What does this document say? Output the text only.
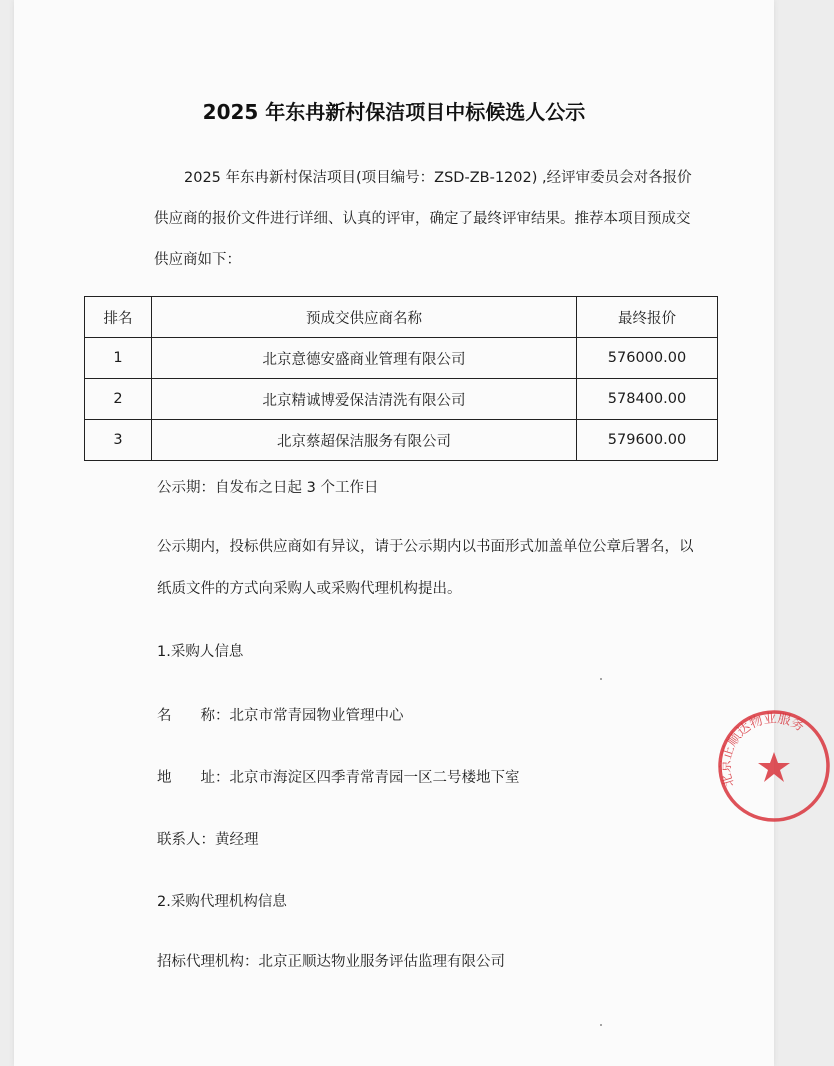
2025 年东冉新村保洁项目中标候选人公示

2025 年东冉新村保洁项目(项目编号：ZSD-ZB-1202) ,经评审委员会对各报价供应商的报价文件进行详细、认真的评审，确定了最终评审结果。推荐本项目预成交供应商如下：

排名	预成交供应商名称	最终报价
1	北京意德安盛商业管理有限公司	576000.00
2	北京精诚博爱保洁清洗有限公司	578400.00
3	北京蔡超保洁服务有限公司	579600.00

公示期：自发布之日起 3 个工作日

公示期内，投标供应商如有异议，请于公示期内以书面形式加盖单位公章后署名，以纸质文件的方式向采购人或采购代理机构提出。

1.采购人信息

名　　称：北京市常青园物业管理中心
地　　址：北京市海淀区四季青常青园一区二号楼地下室
联系人：黄经理

2.采购代理机构信息

招标代理机构：北京正顺达物业服务评估监理有限公司
北京正顺达物业服务
